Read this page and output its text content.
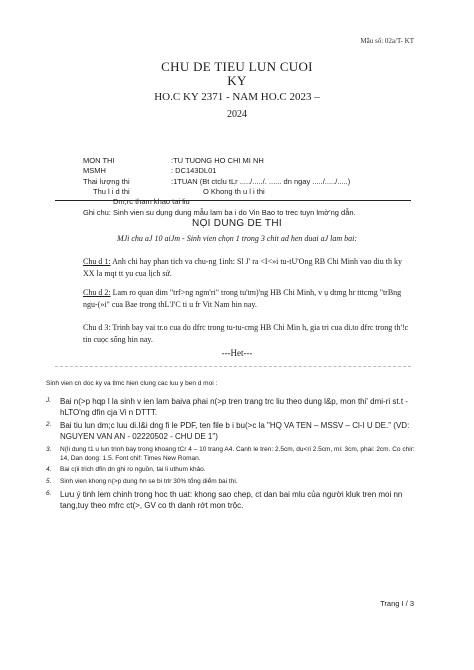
Mẫu số: 02a/T- KT
CHU DE TIEU LUN CUOI
KY
HO.C KY 2371 - NAM HO.C 2023 –
2024
MON THI	:TU TUONG HO CHI MI NH
MSMH	: DC143DL01
Thai lượng thi	:1TUAN (Bt ctclu tLr ...../...../. ...... dn ngay ...../...../.....)
Thu l i d thi	O Khong th u l i thi
Dm,rc tham khao tai liu
Ghi chu: Sinh vien su dụng dung mẫu lam ba i do Vin Bao to trec tuyn lmờ'ng dẫn.
NỌI DUNG DE THI
MJi chu aJ 10 aiJm - Sinh vien chọn 1 trong 3 chit ad hen duai aJ lam bai:
Chu d 1: Anh chi hay phan tich va chu-ng 1inh: Sl J' ra <I<»i tu-tU'Ong RB Chi Minh vao diu th ky XX la mqt tt yu cua lịch sứ.
Chu d 2: Lam ro quan dim "trf>ng ngm'ri" trong tu'tm)'ng HB Chi Minh, v ụ dtmg hr tttcmg "trBng ngu-(»i" cua Bae trong thL'J'C ti u fr Vit Nam hin nay.
Chu d 3: Trinh bay vai tr.o cua do dfrc trong tu-tu-cmg HB Chi Min h, gia tri cua di.to dfrc trong th'!c tin cuọc sống hin nay.
---Het---
Sinh vien cn doc ky va tlmc hien clung cac luu y ben d moi :
J.	Bai n(>p hqp l la sinh v ien lam baiva phai n(>p tren trang trc liu theo dung l&p, mon thi' dmi-ri st.t - hLTO'ng dfin cja Vi n DTTT.
2.	Bai tiu lun dm;c luu di.I&i dng fi le PDF, ten file b i bu(>c la "HQ VA TEN – MSSV – Cl-I U DE." (VD: NGUYEN VAN AN - 02220502 - CHU DE 1")
3.	N(Ii dung t1 u lun trinh bay trong khoang tCr 4 – 10 trang A4. Canh le tren: 2.5cm, du<ri 2.5cm, mi: 3cm, phai: 2cm. Co chir: 14, Dan dong: 1.5. Font chif: Times New Roman.
4.	Bai c(ii trich dfin dn ghi ro nguồn, tai li uthum khảo.
5.	Sinh vien khong n(>p dung hn se bi trlr 30% tổng diểm bai thi.
6.	Lưu ý tinh lem chinh trong hoc th uat: khong sao chep, ct dan bai mlu của người kluk tren moi nn tang,tuy theo mfrc ct(>, GV co th danh rớt mon trộc.
Trang I / 3
